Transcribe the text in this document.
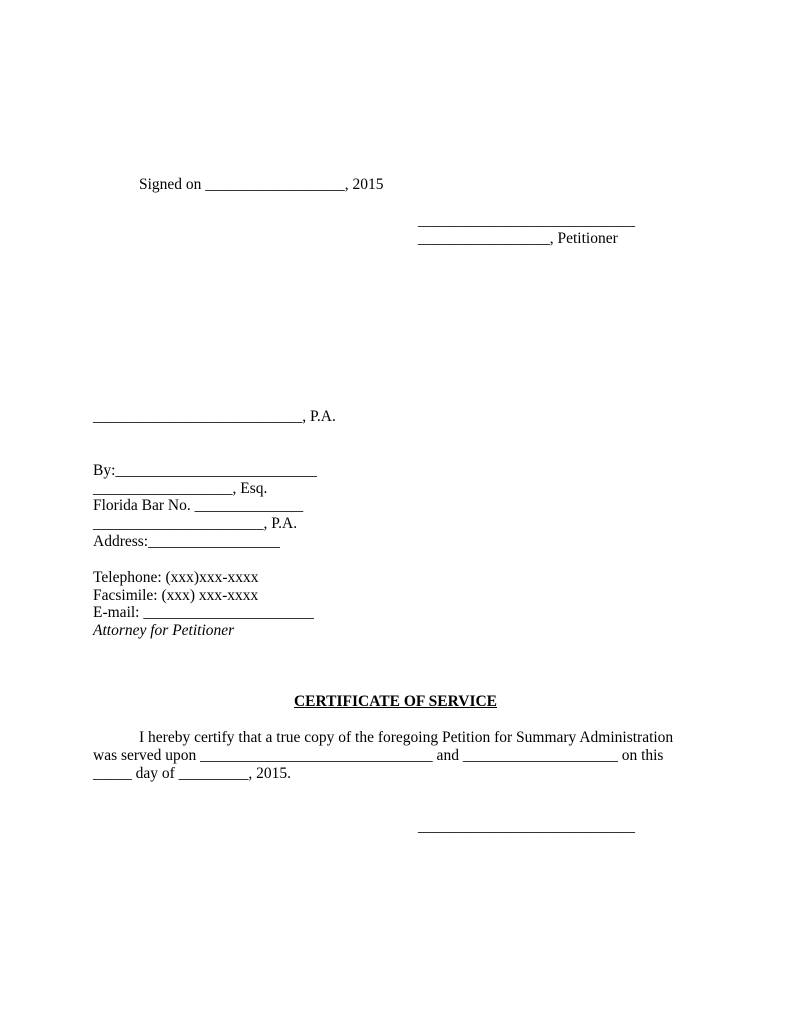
Signed on __________________, 2015
____________________________
_________________, Petitioner
___________________________, P.A.
By:__________________________
__________________, Esq.
Florida Bar No. ______________
______________________, P.A.
Address:_________________
Telephone: (xxx)xxx-xxxx
Facsimile: (xxx) xxx-xxxx
E-mail: ______________________
Attorney for Petitioner
CERTIFICATE OF SERVICE
I hereby certify that a true copy of the foregoing Petition for Summary Administration
was served upon ______________________________ and ____________________ on this
_____ day of _________, 2015.
____________________________
